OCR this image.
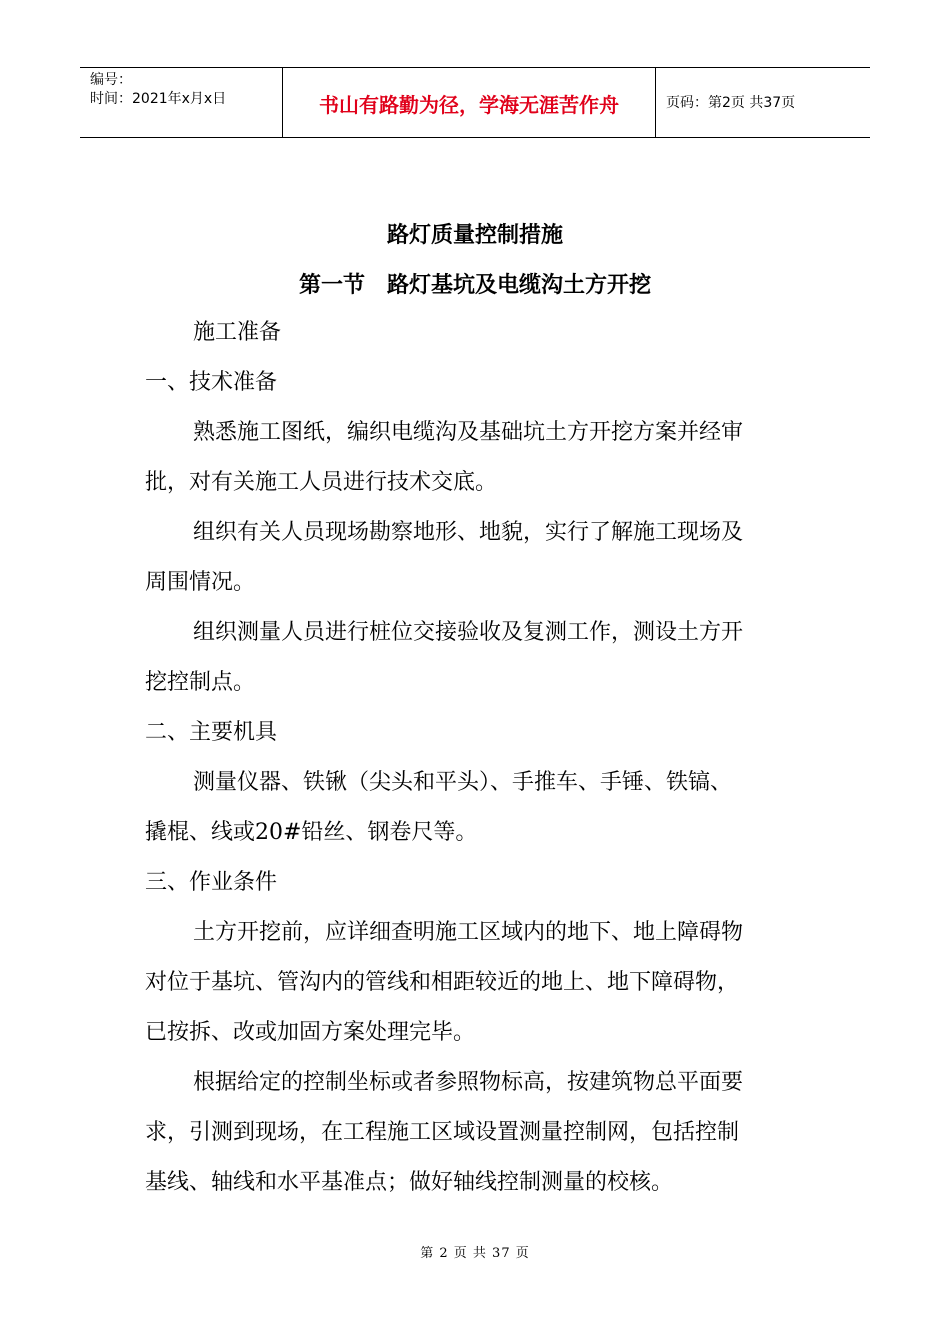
编号：
时间：2021年x月x日	书山有路勤为径，学海无涯苦作舟	页码：第2页 共37页
路灯质量控制措施
第一节　路灯基坑及电缆沟土方开挖
施工准备
一、技术准备
熟悉施工图纸，编织电缆沟及基础坑土方开挖方案并经审
批，对有关施工人员进行技术交底。
组织有关人员现场勘察地形、地貌，实行了解施工现场及
周围情况。
组织测量人员进行桩位交接验收及复测工作，测设土方开
挖控制点。
二、主要机具
测量仪器、铁锹（尖头和平头）、手推车、手锤、铁镐、
撬棍、线或20#铅丝、钢卷尺等。
三、作业条件
土方开挖前，应详细查明施工区域内的地下、地上障碍物
对位于基坑、管沟内的管线和相距较近的地上、地下障碍物，
已按拆、改或加固方案处理完毕。
根据给定的控制坐标或者参照物标高，按建筑物总平面要
求，引测到现场，在工程施工区域设置测量控制网，包括控制
基线、轴线和水平基准点；做好轴线控制测量的校核。
第 2 页 共 37 页
